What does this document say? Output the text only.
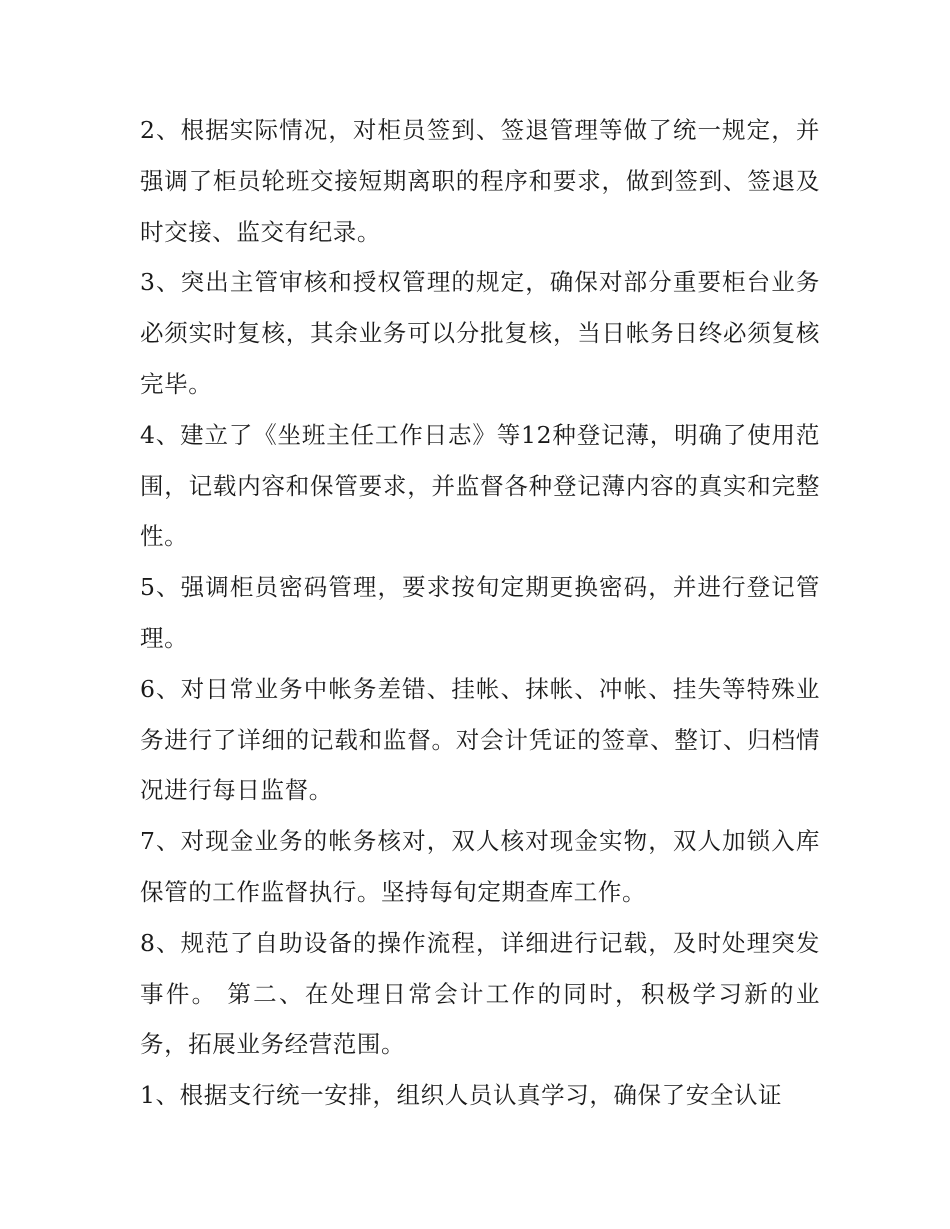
2、根据实际情况，对柜员签到、签退管理等做了统一规定，并强调了柜员轮班交接短期离职的程序和要求，做到签到、签退及时交接、监交有纪录。

3、突出主管审核和授权管理的规定，确保对部分重要柜台业务必须实时复核，其余业务可以分批复核，当日帐务日终必须复核完毕。

4、建立了《坐班主任工作日志》等12种登记薄，明确了使用范围，记载内容和保管要求，并监督各种登记薄内容的真实和完整性。

5、强调柜员密码管理，要求按旬定期更换密码，并进行登记管理。

6、对日常业务中帐务差错、挂帐、抹帐、冲帐、挂失等特殊业务进行了详细的记载和监督。对会计凭证的签章、整订、归档情况进行每日监督。

7、对现金业务的帐务核对，双人核对现金实物，双人加锁入库保管的工作监督执行。坚持每旬定期查库工作。

8、规范了自助设备的操作流程，详细进行记载，及时处理突发事件。 第二、在处理日常会计工作的同时，积极学习新的业务，拓展业务经营范围。

1、根据支行统一安排，组织人员认真学习，确保了安全认证
